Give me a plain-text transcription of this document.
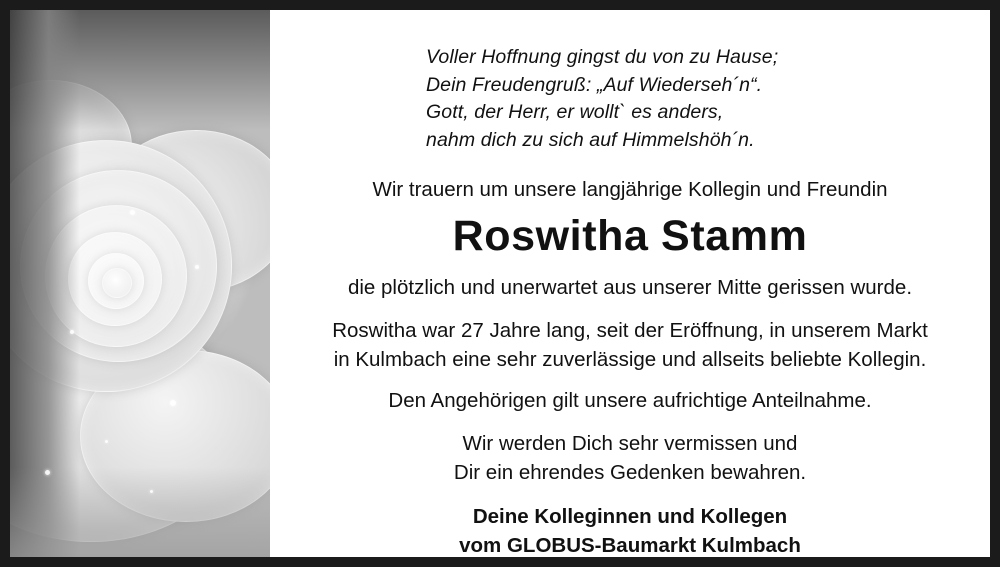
Voller Hoffnung gingst du von zu Hause;
Dein Freudengruß: „Auf Wiederseh´n“.
Gott, der Herr, er wollt` es anders,
nahm dich zu sich auf Himmelshöh´n.
Wir trauern um unsere langjährige Kollegin und Freundin
Roswitha Stamm
die plötzlich und unerwartet aus unserer Mitte gerissen wurde.
Roswitha war 27 Jahre lang, seit der Eröffnung, in unserem Markt
in Kulmbach eine sehr zuverlässige und allseits beliebte Kollegin.
Den Angehörigen gilt unsere aufrichtige Anteilnahme.
Wir werden Dich sehr vermissen und
Dir ein ehrendes Gedenken bewahren.
Deine Kolleginnen und Kollegen
vom GLOBUS-Baumarkt Kulmbach
